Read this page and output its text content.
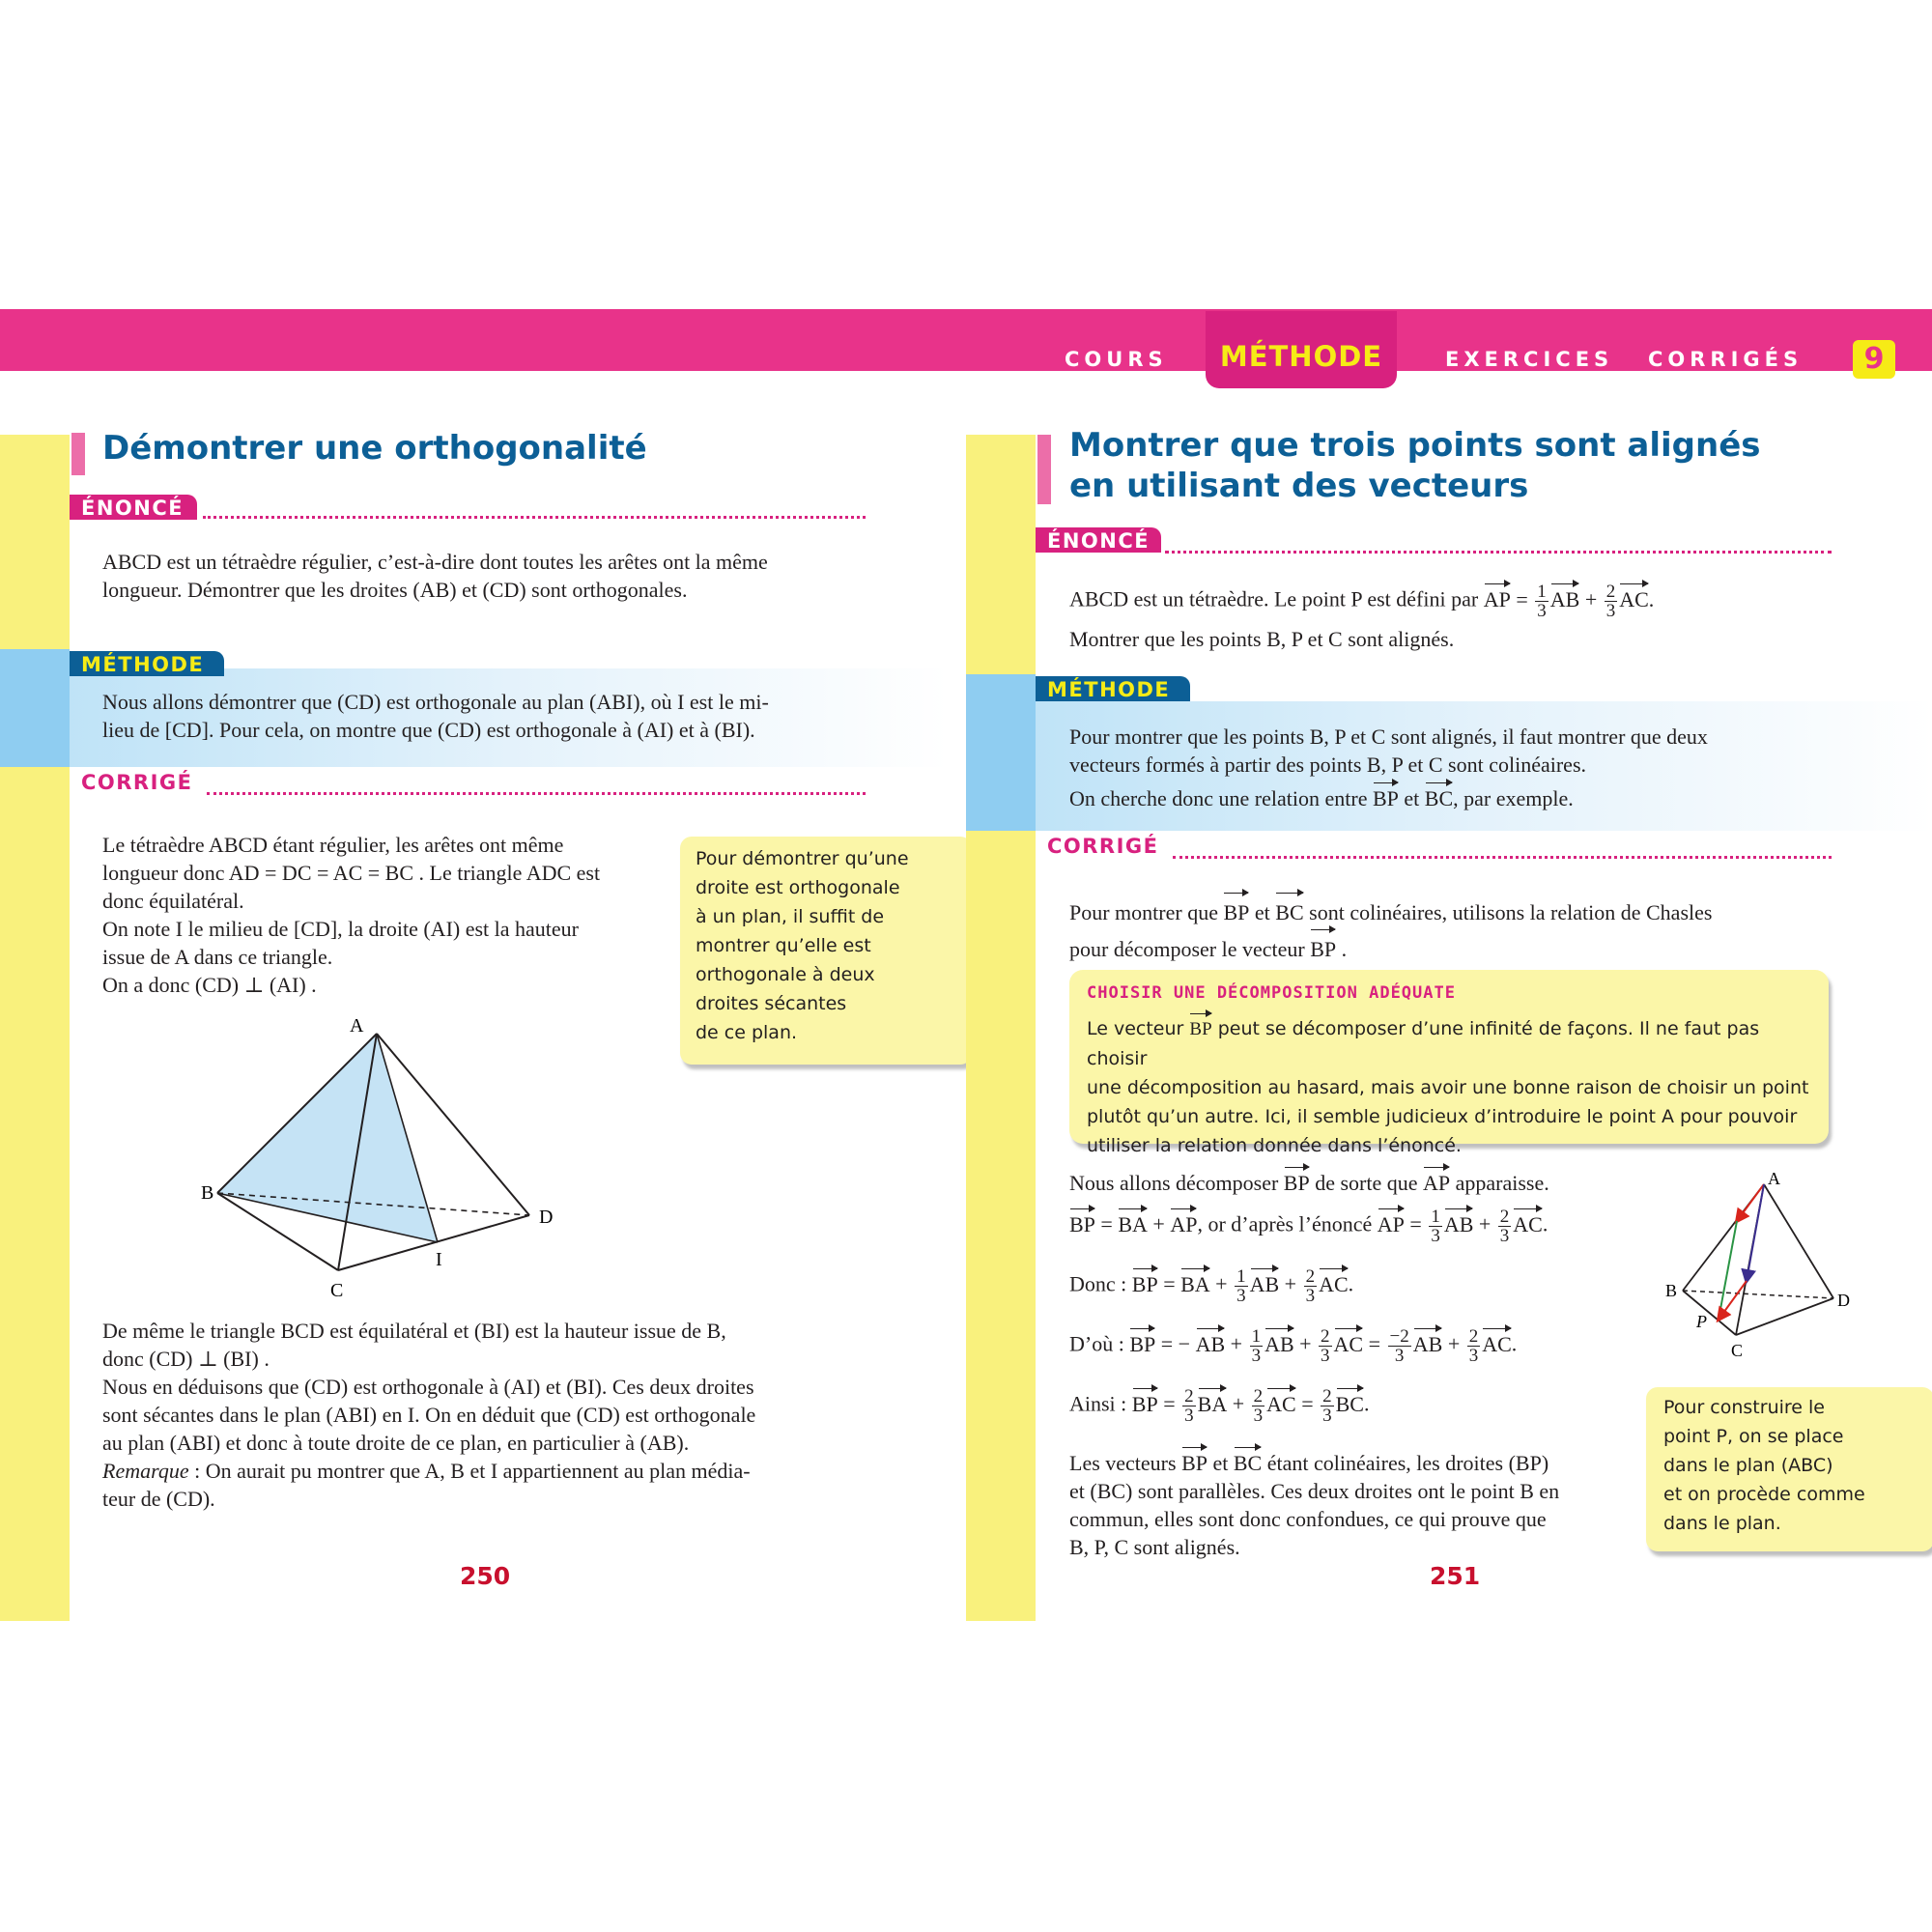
COURS	MÉTHODE	EXERCICES CORRIGÉS	9
Démontrer une orthogonalité
ÉNONCÉ
ABCD est un tétraèdre régulier, c’est-à-dire dont toutes les arêtes ont la même
longueur. Démontrer que les droites (AB) et (CD) sont orthogonales.
MÉTHODE
Nous allons démontrer que (CD) est orthogonale au plan (ABI), où I est le mi-
lieu de [CD]. Pour cela, on montre que (CD) est orthogonale à (AI) et à (BI).
CORRIGÉ
Le tétraèdre ABCD étant régulier, les arêtes ont même
longueur donc AD = DC = AC = BC . Le triangle ADC est
donc équilatéral.
On note I le milieu de [CD], la droite (AI) est la hauteur
issue de A dans ce triangle.
On a donc (CD) ⊥ (AI) .
Pour démontrer qu’une
droite est orthogonale
à un plan, il suffit de
montrer qu’elle est
orthogonale à deux
droites sécantes
de ce plan.
A
B
C
D
I
De même le triangle BCD est équilatéral et (BI) est la hauteur issue de B,
donc (CD) ⊥ (BI) .
Nous en déduisons que (CD) est orthogonale à (AI) et (BI). Ces deux droites
sont sécantes dans le plan (ABI) en I. On en déduit que (CD) est orthogonale
au plan (ABI) et donc à toute droite de ce plan, en particulier à (AB).
Remarque : On aurait pu montrer que A, B et I appartiennent au plan média-
teur de (CD).
250
Montrer que trois points sont alignés
en utilisant des vecteurs
ÉNONCÉ
ABCD est un tétraèdre. Le point P est défini par AP = $\frac{1}{3}$ AB + $\frac{2}{3}$ AC.
Montrer que les points B, P et C sont alignés.
MÉTHODE
Pour montrer que les points B, P et C sont alignés, il faut montrer que deux
vecteurs formés à partir des points B, P et C sont colinéaires.
On cherche donc une relation entre BP et BC, par exemple.
CORRIGÉ
Pour montrer que BP et BC sont colinéaires, utilisons la relation de Chasles
pour décomposer le vecteur BP .
CHOISIR UNE DÉCOMPOSITION ADÉQUATE
Le vecteur BP peut se décomposer d’une infinité de façons. Il ne faut pas choisir
une décomposition au hasard, mais avoir une bonne raison de choisir un point
plutôt qu’un autre. Ici, il semble judicieux d’introduire le point A pour pouvoir
utiliser la relation donnée dans l’énoncé.
Nous allons décomposer BP de sorte que AP apparaisse.
BP = BA + AP, or d’après l’énoncé AP = $\frac{1}{3}$ AB + $\frac{2}{3}$ AC.
Donc : BP = BA + $\frac{1}{3}$ AB + $\frac{2}{3}$ AC.
D’où : BP = − AB + $\frac{1}{3}$ AB + $\frac{2}{3}$ AC = $\frac{-2}{3}$ AB + $\frac{2}{3}$ AC.
Ainsi : BP = $\frac{2}{3}$ BA + $\frac{2}{3}$ AC = $\frac{2}{3}$ BC.
Les vecteurs BP et BC étant colinéaires, les droites (BP)
et (BC) sont parallèles. Ces deux droites ont le point B en
commun, elles sont donc confondues, ce qui prouve que
B, P, C sont alignés.
A
B
C
D
P
Pour construire le
point P, on se place
dans le plan (ABC)
et on procède comme
dans le plan.
251
